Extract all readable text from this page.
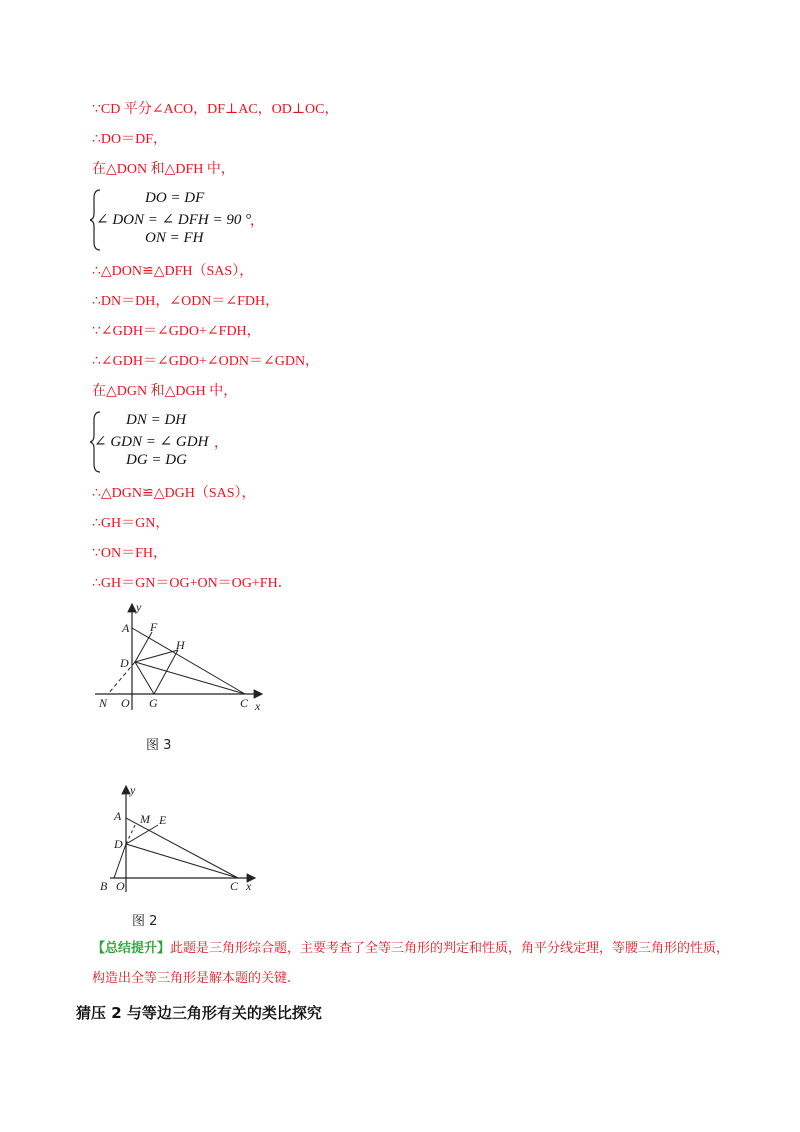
∵CD 平分∠ACO，DF⊥AC，OD⊥OC，
∴DO＝DF，
在△DON 和△DFH 中，
DO = DF
∠ DON = ∠ DFH = 90 °
，
ON = FH
∴△DON≌△DFH（SAS），
∴DN＝DH，∠ODN＝∠FDH，
∵∠GDH＝∠GDO+∠FDH，
∴∠GDH＝∠GDO+∠ODN＝∠GDN，
在△DGN 和△DGH 中，
DN = DH
∠ GDN = ∠ GDH ，
DG = DG
∴△DGN≌△DGH（SAS），
∴GH＝GN，
∵ON＝FH，
∴GH＝GN＝OG+ON＝OG+FH．
y
A F
H
D
N O G	C x
图 3
y
A M E
D
B O	C x
图 2
【总结提升】此题是三角形综合题，主要考查了全等三角形的判定和性质，角平分线定理，等腰三角形的性质，构造出全等三角形是解本题的关键.
猜压 2 与等边三角形有关的类比探究
